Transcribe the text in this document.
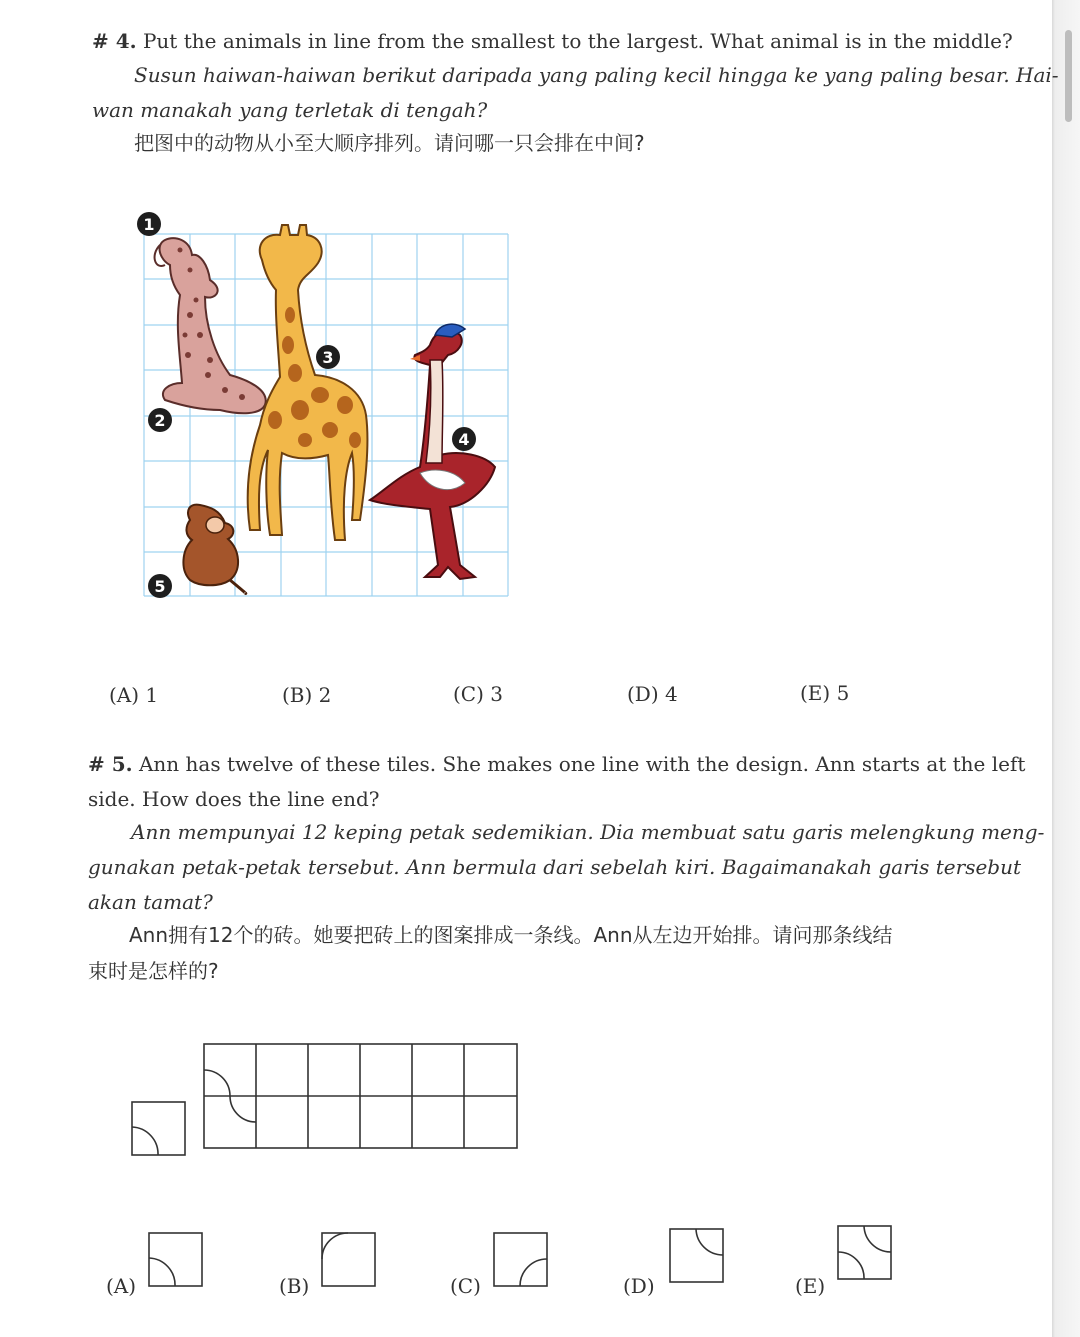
# 4. Put the animals in line from the smallest to the largest. What animal is in the middle?

Susun haiwan-haiwan berikut daripada yang paling kecil hingga ke yang paling besar. Hai-

wan manakah yang terletak di tengah?

把图中的动物从小至大顺序排列。请问哪一只会排在中间?

1
2
3
4
5
(A) 1	(B) 2	(C) 3	(D) 4	(E) 5

# 5. Ann has twelve of these tiles. She makes one line with the design. Ann starts at the left

side. How does the line end?

Ann mempunyai 12 keping petak sedemikian. Dia membuat satu garis melengkung meng-

gunakan petak-petak tersebut. Ann bermula dari sebelah kiri. Bagaimanakah garis tersebut

akan tamat?

Ann拥有12个的砖。她要把砖上的图案排成一条线。Ann从左边开始排。请问那条线结

束时是怎样的?

(A)	(B)	(C)	(D)	(E)
